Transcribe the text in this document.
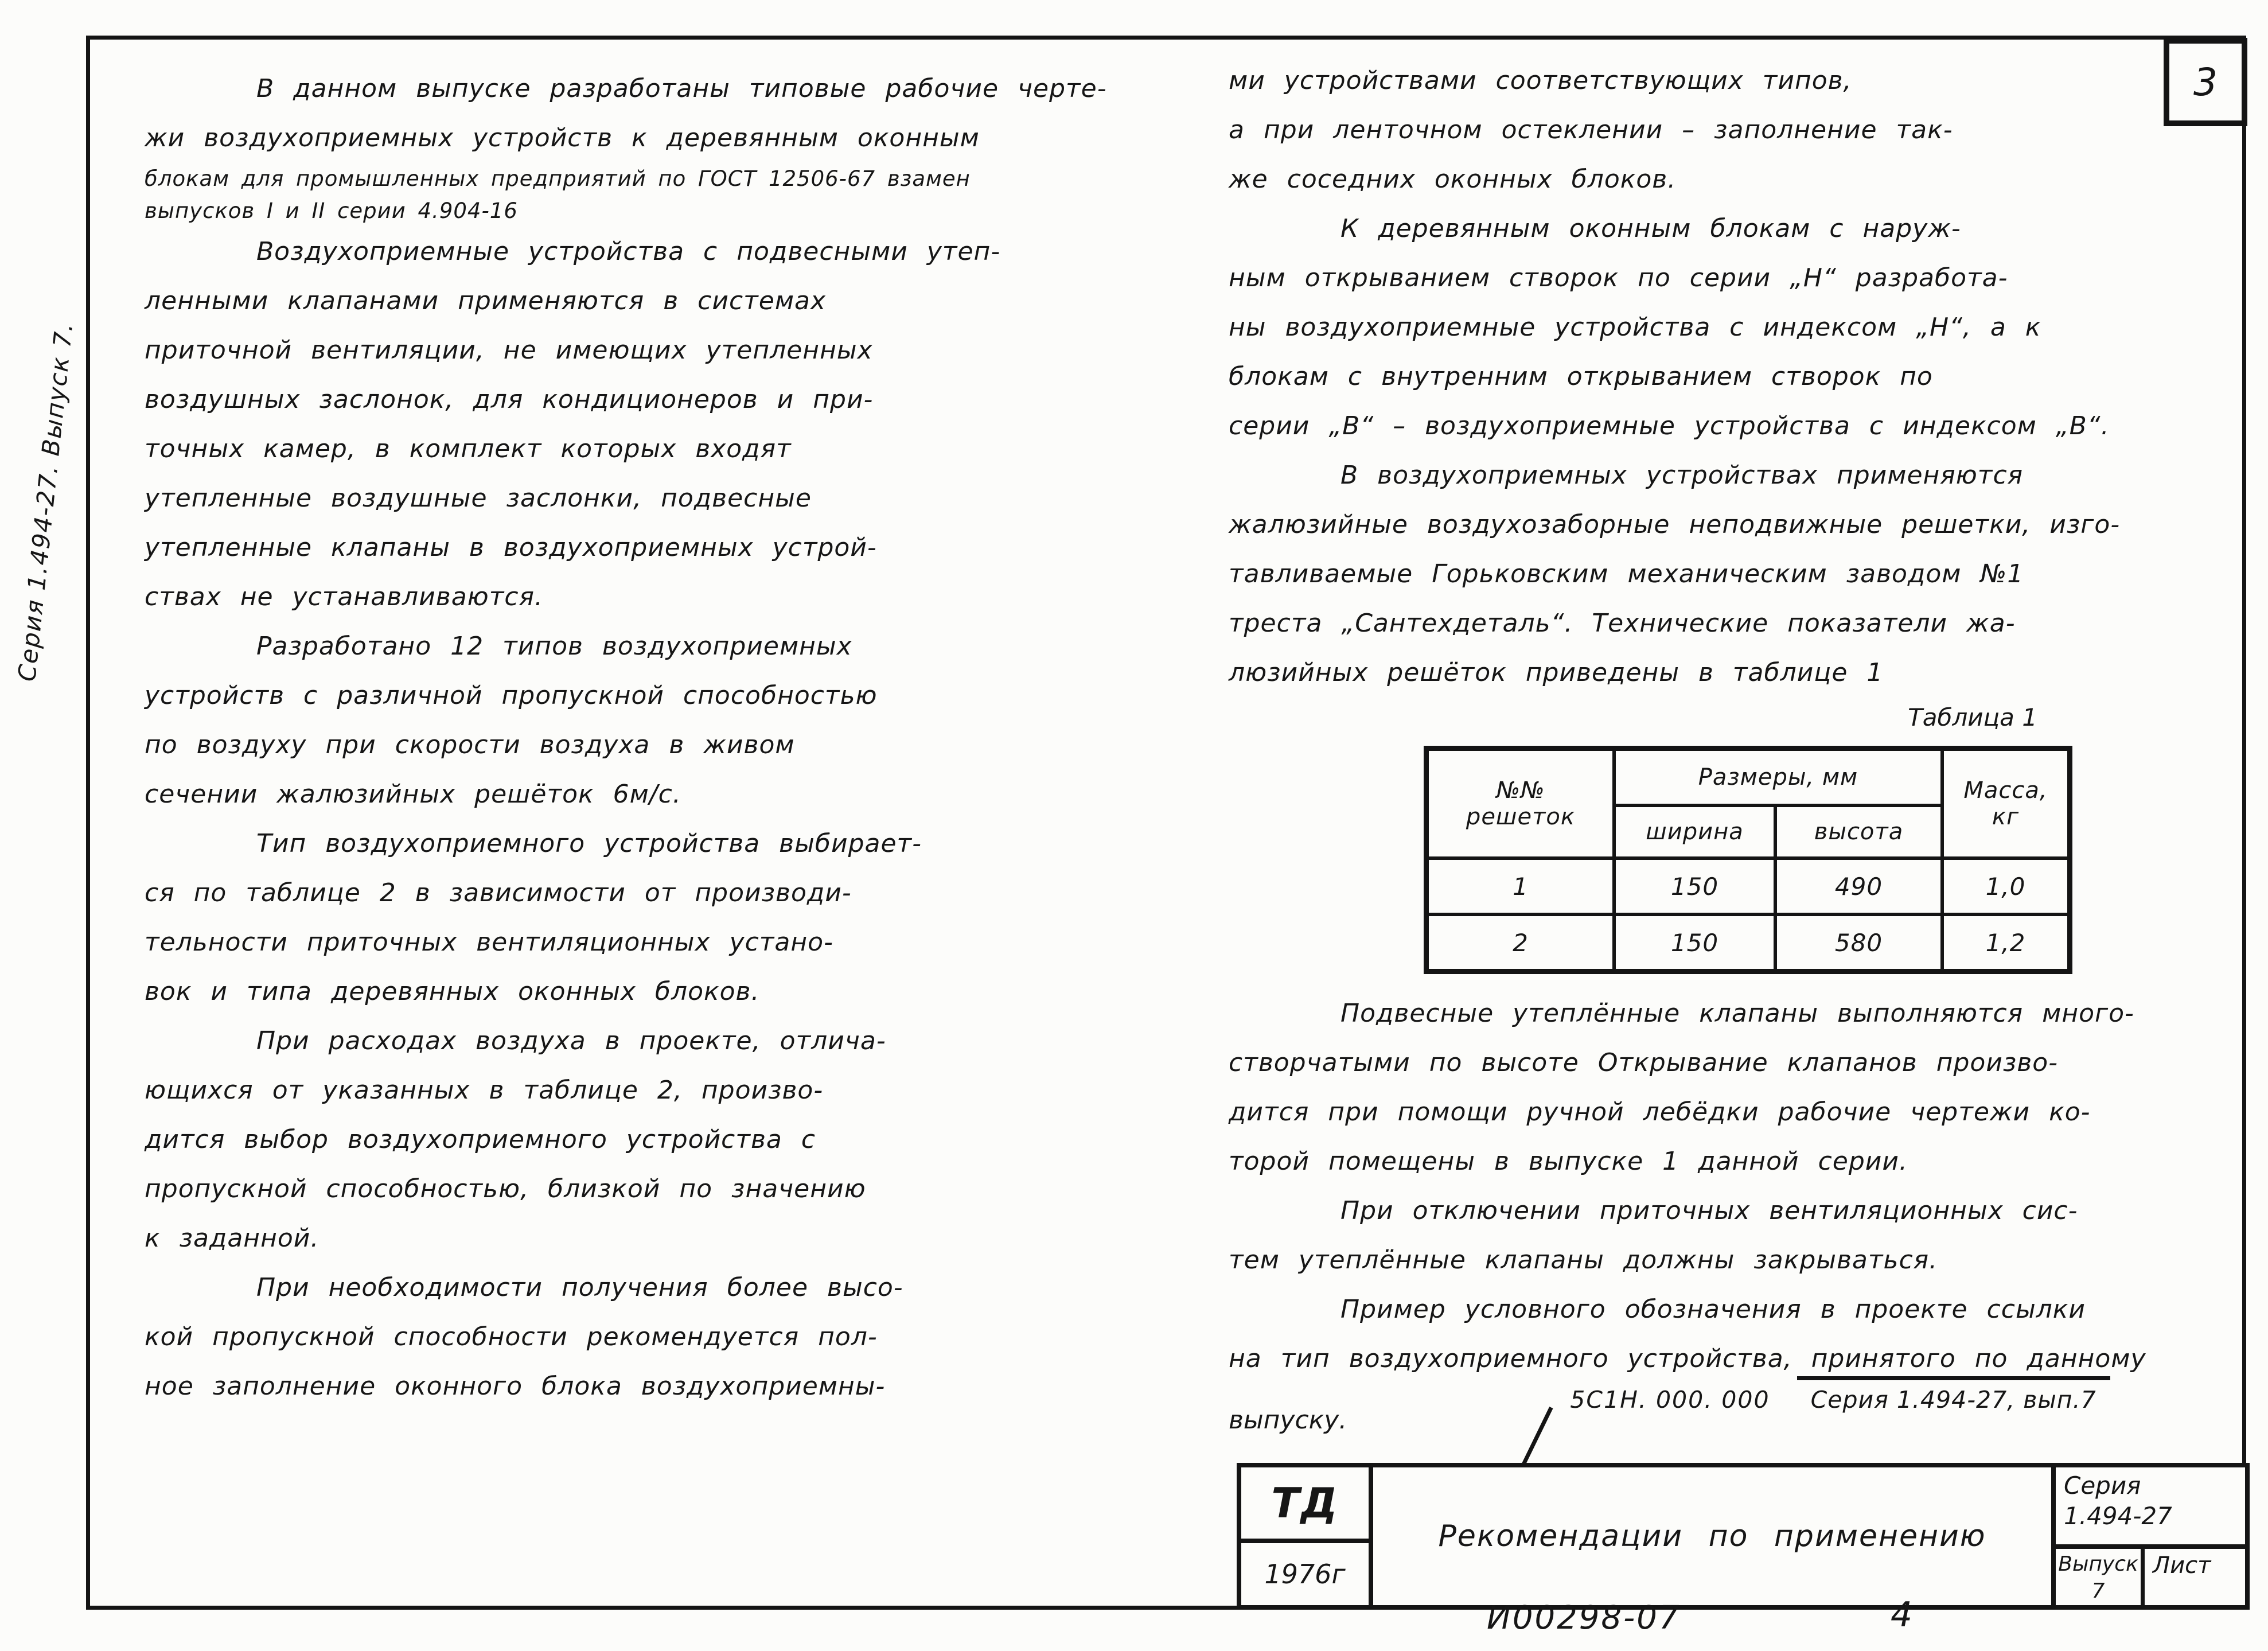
Серия 1.494-27. Выпуск 7.
3
В данном выпуске разработаны типовые рабочие черте-
жи воздухоприемных устройств к деревянным оконным
блокам для промышленных предприятий по ГОСТ 12506-67 взамен
выпусков I и II серии 4.904-16
Воздухоприемные устройства с подвесными утеп-
ленными клапанами применяются в системах
приточной вентиляции, не имеющих утепленных
воздушных заслонок, для кондиционеров и при-
точных камер, в комплект которых входят
утепленные воздушные заслонки, подвесные
утепленные клапаны в воздухоприемных устрой-
ствах не устанавливаются.
Разработано 12 типов воздухоприемных
устройств с различной пропускной способностью
по воздуху при скорости воздуха в живом
сечении жалюзийных решёток 6м/с.
Тип воздухоприемного устройства выбирает-
ся по таблице 2 в зависимости от производи-
тельности приточных вентиляционных устано-
вок и типа деревянных оконных блоков.
При расходах воздуха в проекте, отлича-
ющихся от указанных в таблице 2, произво-
дится выбор воздухоприемного устройства с
пропускной способностью, близкой по значению
к заданной.
При необходимости получения более высо-
кой пропускной способности рекомендуется пол-
ное заполнение оконного блока воздухоприемны-
ми устройствами соответствующих типов,
а при ленточном остеклении – заполнение так-
же соседних оконных блоков.
К деревянным оконным блокам с наруж-
ным открыванием створок по серии „Н“ разработа-
ны воздухоприемные устройства с индексом „Н“, а к
блокам с внутренним открыванием створок по
серии „В“ – воздухоприемные устройства с индексом „В“.
В воздухоприемных устройствах применяются
жалюзийные воздухозаборные неподвижные решетки, изго-
тавливаемые Горьковским механическим заводом №1
треста „Сантехдеталь“. Технические показатели жа-
люзийных решёток приведены в таблице 1
Таблица 1
№№
решеток	Размеры, мм		Масса,
кг

	ширина	высота	
1	150	490	1,0
2	150	580	1,2
Подвесные утеплённые клапаны выполняются много-
створчатыми по высоте Открывание клапанов произво-
дится при помощи ручной лебёдки рабочие чертежи ко-
торой помещены в выпуске 1 данной серии.
При отключении приточных вентиляционных сис-
тем утеплённые клапаны должны закрываться.
Пример условного обозначения в проекте ссылки
на тип воздухоприемного устройства, принятого по данному
выпуску.
5С1Н. 000. 000 Серия 1.494-27, вып.7
ТД
1976г
Рекомендации по применению
Серия
1.494-27
Выпуск
7
Лист
И00298-07	4
